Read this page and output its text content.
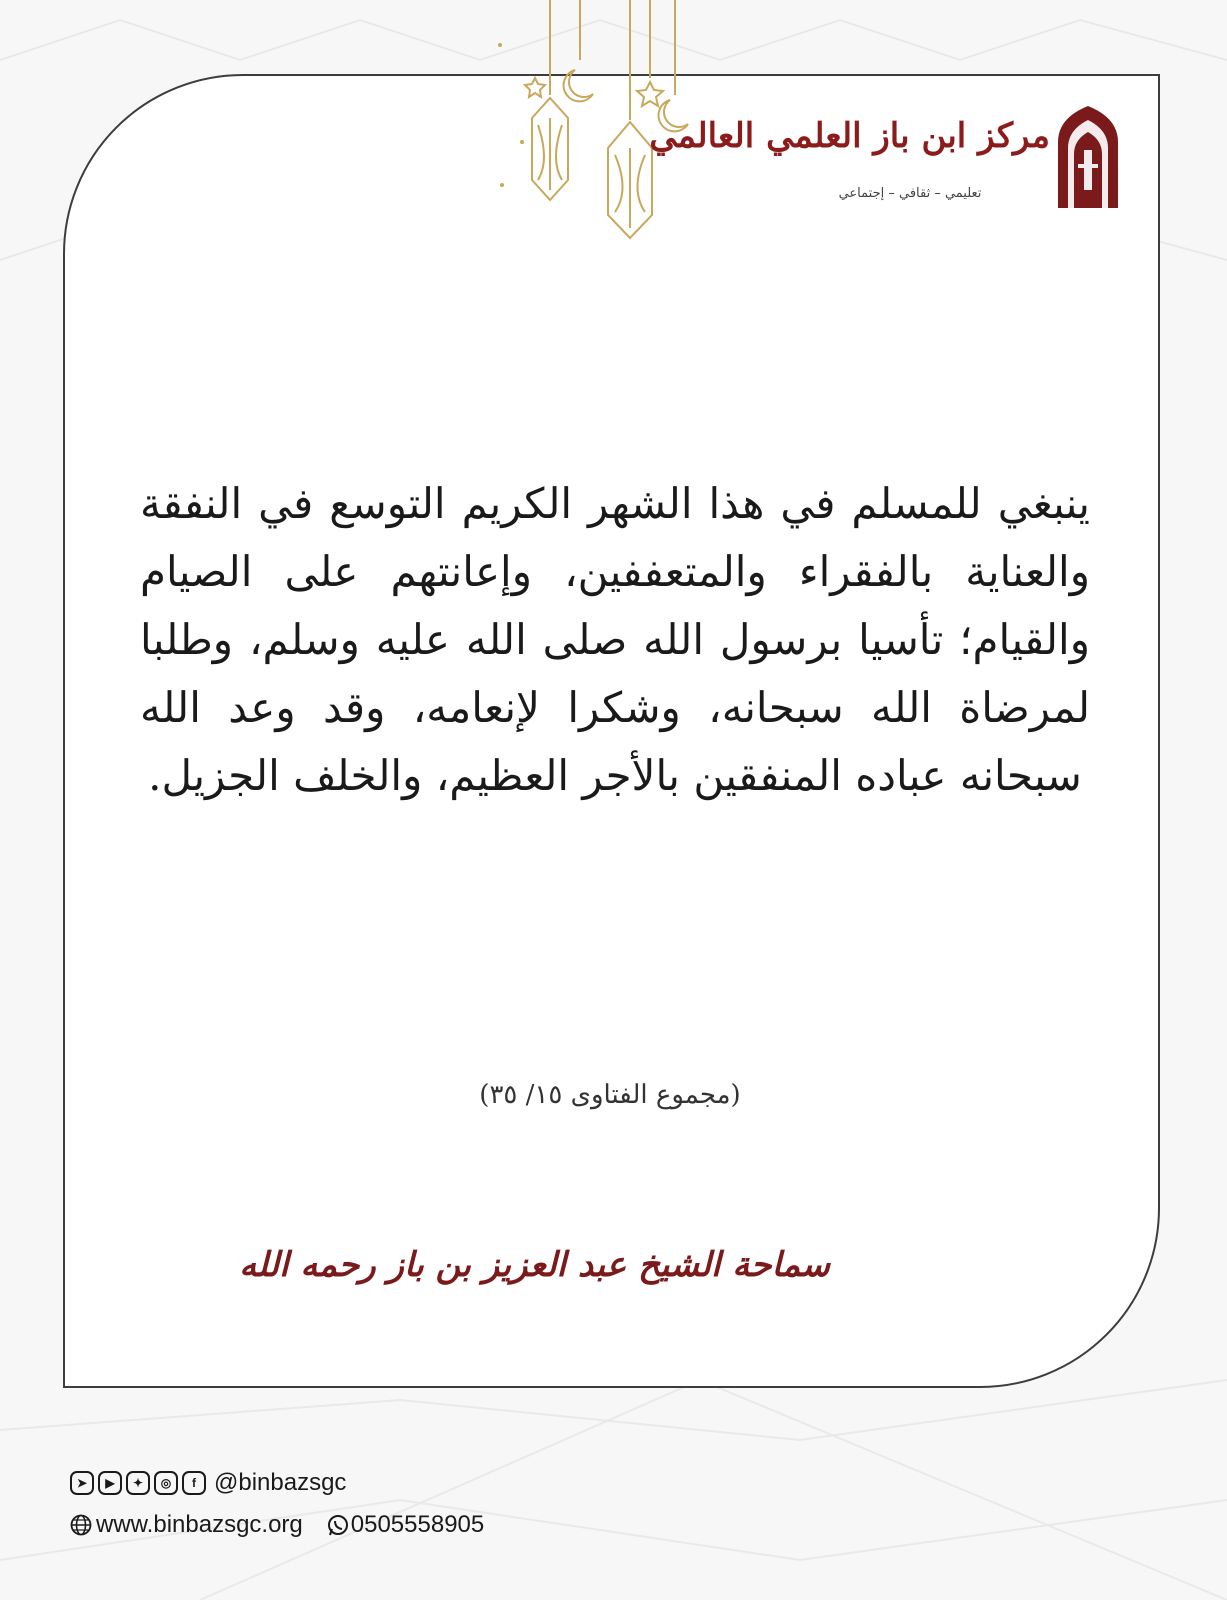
مركز ابن باز العلمي العالمي
تعليمي – ثقافي – إجتماعي
ينبغي للمسلم في هذا الشهر الكريم التوسع في النفقة والعناية بالفقراء والمتعففين، وإعانتهم على الصيام والقيام؛ تأسيا برسول الله صلى الله عليه وسلم، وطلبا لمرضاة الله سبحانه، وشكرا لإنعامه، وقد وعد الله سبحانه عباده المنفقين بالأجر العظيم، والخلف الجزيل.
(مجموع الفتاوى ١٥/ ٣٥)
سماحة الشيخ عبد العزيز بن باز رحمه الله
➤	▶	✦	◎	f @binbazsgc
www.binbazsgc.org 0505558905
